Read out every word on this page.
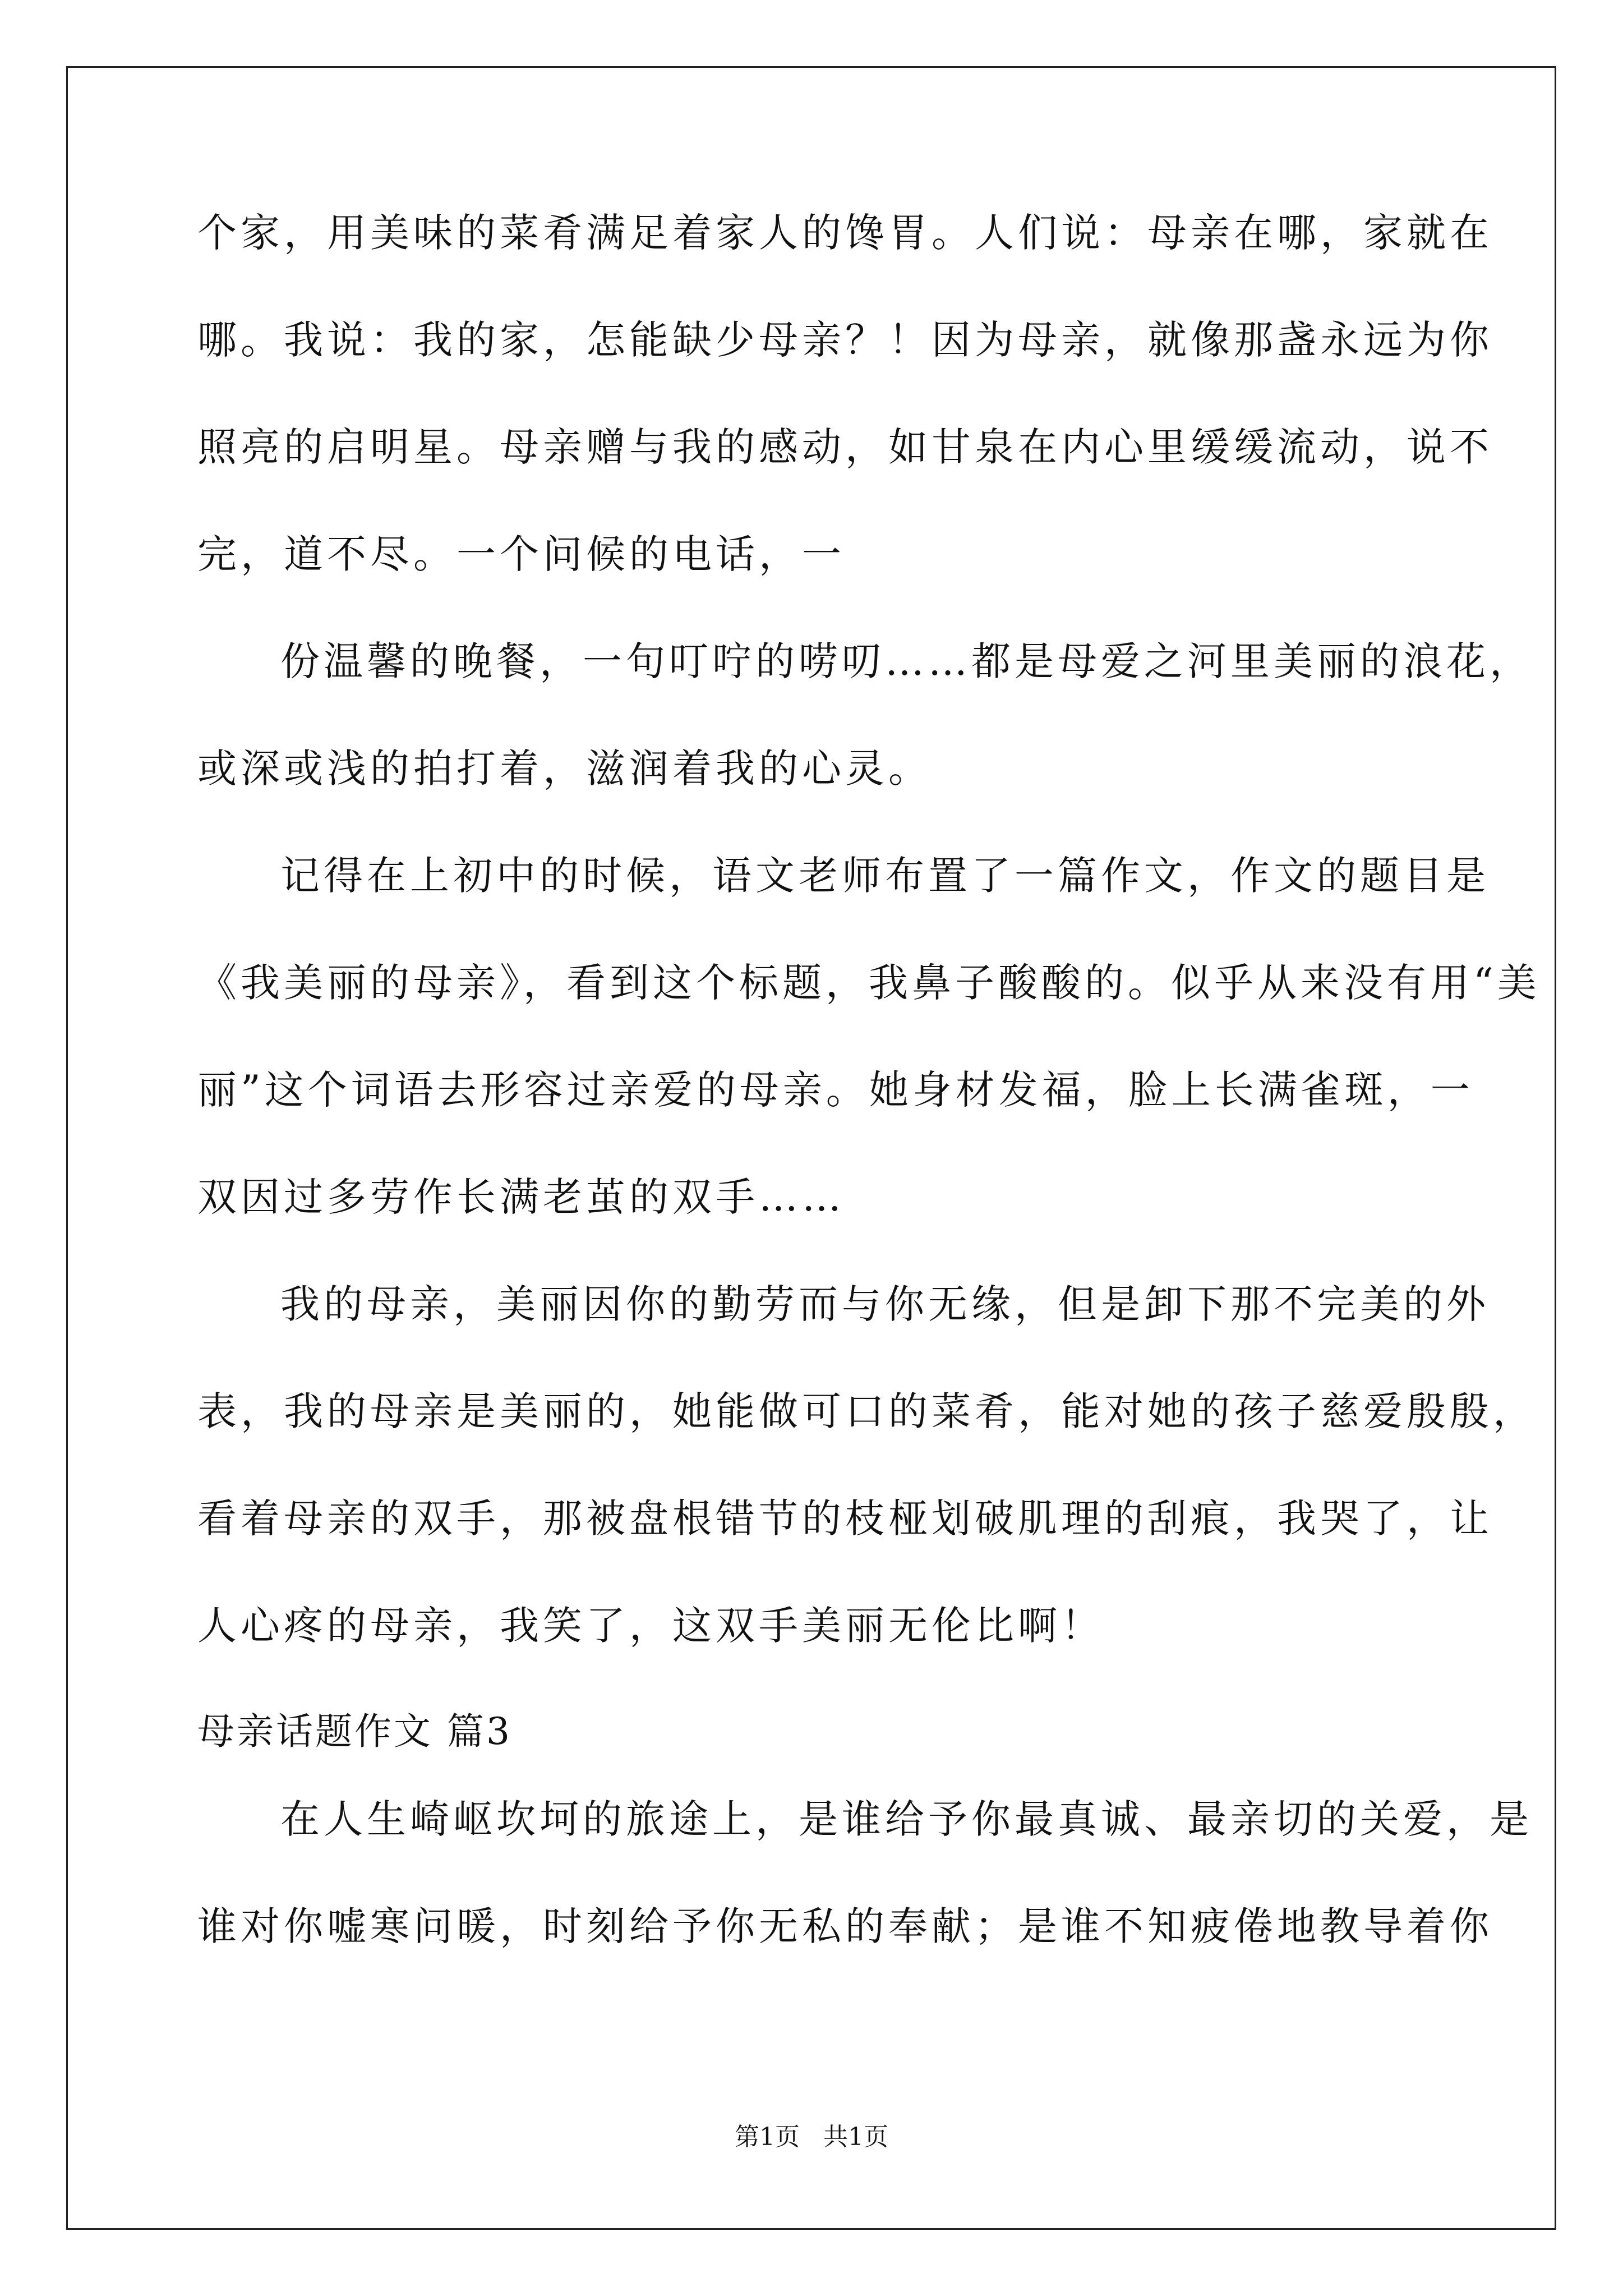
个家，用美味的菜肴满足着家人的馋胃。人们说：母亲在哪，家就在
哪。我说：我的家，怎能缺少母亲？！因为母亲，就像那盏永远为你
照亮的启明星。母亲赠与我的感动，如甘泉在内心里缓缓流动，说不
完，道不尽。一个问候的电话，一
份温馨的晚餐，一句叮咛的唠叨……都是母爱之河里美丽的浪花，
或深或浅的拍打着，滋润着我的心灵。
记得在上初中的时候，语文老师布置了一篇作文，作文的题目是
《我美丽的母亲》，看到这个标题，我鼻子酸酸的。似乎从来没有用“美
丽”这个词语去形容过亲爱的母亲。她身材发福，脸上长满雀斑，一
双因过多劳作长满老茧的双手……
我的母亲，美丽因你的勤劳而与你无缘，但是卸下那不完美的外
表，我的母亲是美丽的，她能做可口的菜肴，能对她的孩子慈爱殷殷，
看着母亲的双手，那被盘根错节的枝桠划破肌理的刮痕，我哭了，让
人心疼的母亲，我笑了，这双手美丽无伦比啊！
母亲话题作文 篇3
在人生崎岖坎坷的旅途上，是谁给予你最真诚、最亲切的关爱，是
谁对你嘘寒问暖，时刻给予你无私的奉献；是谁不知疲倦地教导着你
第1页   共1页
